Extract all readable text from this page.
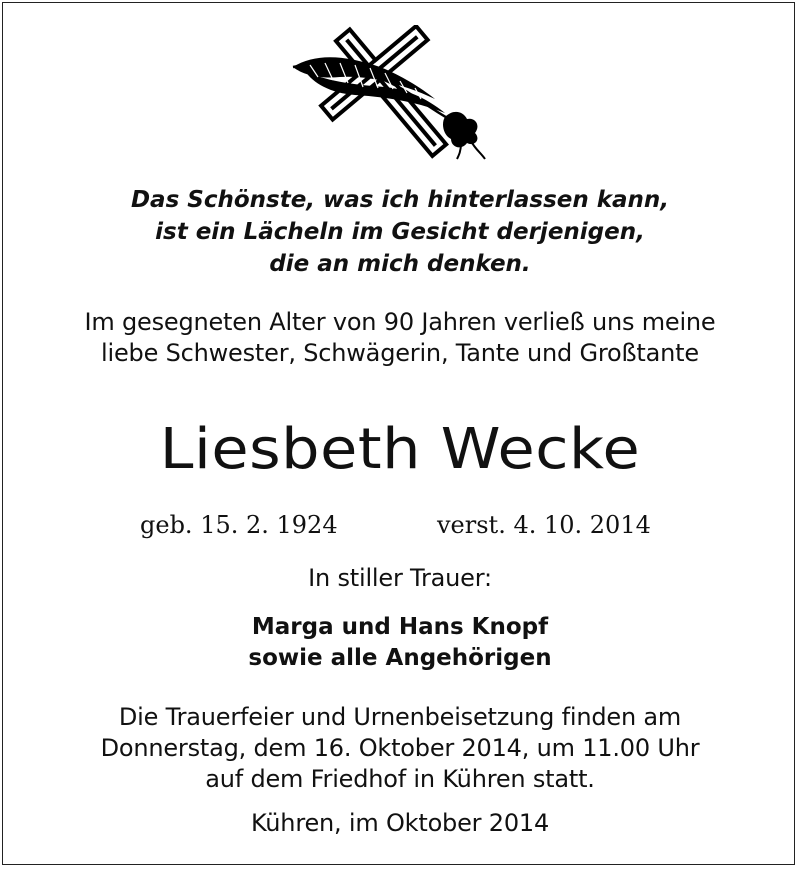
Das Schönste, was ich hinterlassen kann,
ist ein Lächeln im Gesicht derjenigen,
die an mich denken.
Im gesegneten Alter von 90 Jahren verließ uns meine
liebe Schwester, Schwägerin, Tante und Großtante
Liesbeth Wecke
geb. 15. 2. 1924	verst. 4. 10. 2014
In stiller Trauer:
Marga und Hans Knopf
sowie alle Angehörigen
Die Trauerfeier und Urnenbeisetzung finden am
Donnerstag, dem 16. Oktober 2014, um 11.00 Uhr
auf dem Friedhof in Kühren statt.
Kühren, im Oktober 2014
